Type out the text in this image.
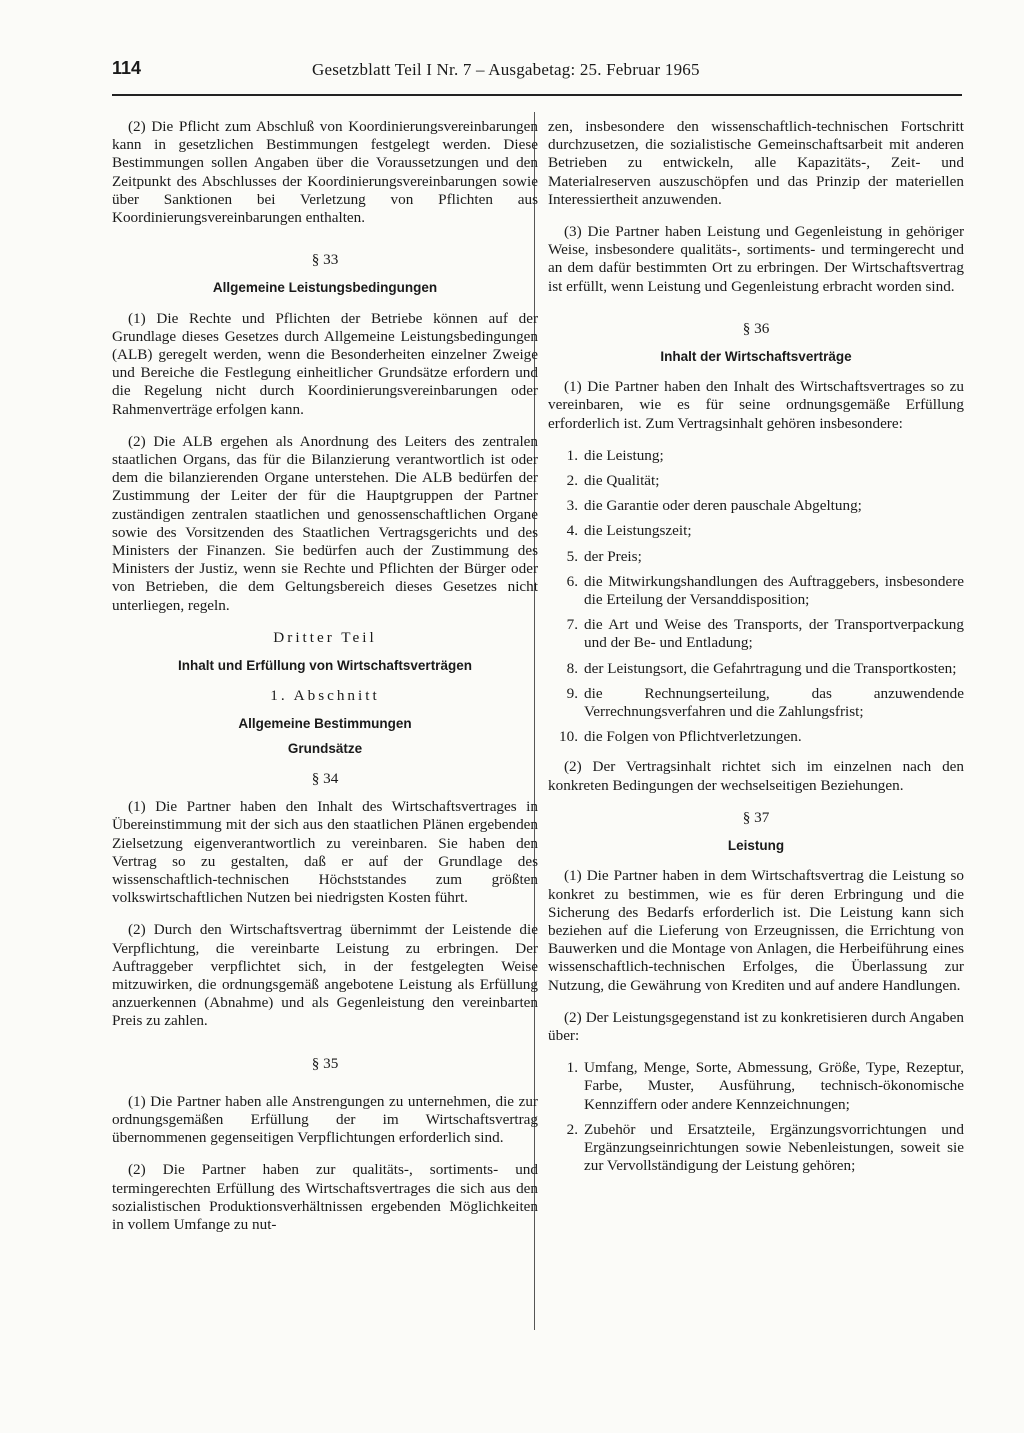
114	Gesetzblatt Teil I Nr. 7 – Ausgabetag: 25. Februar 1965

(2) Die Pflicht zum Abschluß von Koordinierungsvereinbarungen kann in gesetzlichen Bestimmungen festgelegt werden. Diese Bestimmungen sollen Angaben über die Voraussetzungen und den Zeitpunkt des Abschlusses der Koordinierungsvereinbarungen sowie über Sanktionen bei Verletzung von Pflichten aus Koordinierungsvereinbarungen enthalten.

§ 33
Allgemeine Leistungsbedingungen

(1) Die Rechte und Pflichten der Betriebe können auf der Grundlage dieses Gesetzes durch Allgemeine Leistungsbedingungen (ALB) geregelt werden, wenn die Besonderheiten einzelner Zweige und Bereiche die Festlegung einheitlicher Grundsätze erfordern und die Regelung nicht durch Koordinierungsvereinbarungen oder Rahmenverträge erfolgen kann.

(2) Die ALB ergehen als Anordnung des Leiters des zentralen staatlichen Organs, das für die Bilanzierung verantwortlich ist oder dem die bilanzierenden Organe unterstehen. Die ALB bedürfen der Zustimmung der Leiter der für die Hauptgruppen der Partner zuständigen zentralen staatlichen und genossenschaftlichen Organe sowie des Vorsitzenden des Staatlichen Vertragsgerichts und des Ministers der Finanzen. Sie bedürfen auch der Zustimmung des Ministers der Justiz, wenn sie Rechte und Pflichten der Bürger oder von Betrieben, die dem Geltungsbereich dieses Gesetzes nicht unterliegen, regeln.

Dritter Teil
Inhalt und Erfüllung von Wirtschaftsverträgen
1. Abschnitt
Allgemeine Bestimmungen
Grundsätze
§ 34

(1) Die Partner haben den Inhalt des Wirtschaftsvertrages in Übereinstimmung mit der sich aus den staatlichen Plänen ergebenden Zielsetzung eigenverantwortlich zu vereinbaren. Sie haben den Vertrag so zu gestalten, daß er auf der Grundlage des wissenschaftlich-technischen Höchststandes zum größten volkswirtschaftlichen Nutzen bei niedrigsten Kosten führt.

(2) Durch den Wirtschaftsvertrag übernimmt der Leistende die Verpflichtung, die vereinbarte Leistung zu erbringen. Der Auftraggeber verpflichtet sich, in der festgelegten Weise mitzuwirken, die ordnungsgemäß angebotene Leistung als Erfüllung anzuerkennen (Abnahme) und als Gegenleistung den vereinbarten Preis zu zahlen.

§ 35

(1) Die Partner haben alle Anstrengungen zu unternehmen, die zur ordnungsgemäßen Erfüllung der im Wirtschaftsvertrag übernommenen gegenseitigen Verpflichtungen erforderlich sind.

(2) Die Partner haben zur qualitäts-, sortiments- und termingerechten Erfüllung des Wirtschaftsvertrages die sich aus den sozialistischen Produktionsverhältnissen ergebenden Möglichkeiten in vollem Umfange zu nut-

zen, insbesondere den wissenschaftlich-technischen Fortschritt durchzusetzen, die sozialistische Gemeinschaftsarbeit mit anderen Betrieben zu entwickeln, alle Kapazitäts-, Zeit- und Materialreserven auszuschöpfen und das Prinzip der materiellen Interessiertheit anzuwenden.

(3) Die Partner haben Leistung und Gegenleistung in gehöriger Weise, insbesondere qualitäts-, sortiments- und termingerecht und an dem dafür bestimmten Ort zu erbringen. Der Wirtschaftsvertrag ist erfüllt, wenn Leistung und Gegenleistung erbracht worden sind.

§ 36
Inhalt der Wirtschaftsverträge

(1) Die Partner haben den Inhalt des Wirtschaftsvertrages so zu vereinbaren, wie es für seine ordnungsgemäße Erfüllung erforderlich ist. Zum Vertragsinhalt gehören insbesondere:

1. die Leistung;
2. die Qualität;
3. die Garantie oder deren pauschale Abgeltung;
4. die Leistungszeit;
5. der Preis;
6. die Mitwirkungshandlungen des Auftraggebers, insbesondere die Erteilung der Versanddisposition;
7. die Art und Weise des Transports, der Transportverpackung und der Be- und Entladung;
8. der Leistungsort, die Gefahrtragung und die Transportkosten;
9. die Rechnungserteilung, das anzuwendende Verrechnungsverfahren und die Zahlungsfrist;
10. die Folgen von Pflichtverletzungen.

(2) Der Vertragsinhalt richtet sich im einzelnen nach den konkreten Bedingungen der wechselseitigen Beziehungen.

§ 37
Leistung

(1) Die Partner haben in dem Wirtschaftsvertrag die Leistung so konkret zu bestimmen, wie es für deren Erbringung und die Sicherung des Bedarfs erforderlich ist. Die Leistung kann sich beziehen auf die Lieferung von Erzeugnissen, die Errichtung von Bauwerken und die Montage von Anlagen, die Herbeiführung eines wissenschaftlich-technischen Erfolges, die Überlassung zur Nutzung, die Gewährung von Krediten und auf andere Handlungen.

(2) Der Leistungsgegenstand ist zu konkretisieren durch Angaben über:

1. Umfang, Menge, Sorte, Abmessung, Größe, Type, Rezeptur, Farbe, Muster, Ausführung, technisch-ökonomische Kennziffern oder andere Kennzeichnungen;
2. Zubehör und Ersatzteile, Ergänzungsvorrichtungen und Ergänzungseinrichtungen sowie Nebenleistungen, soweit sie zur Vervollständigung der Leistung gehören;
